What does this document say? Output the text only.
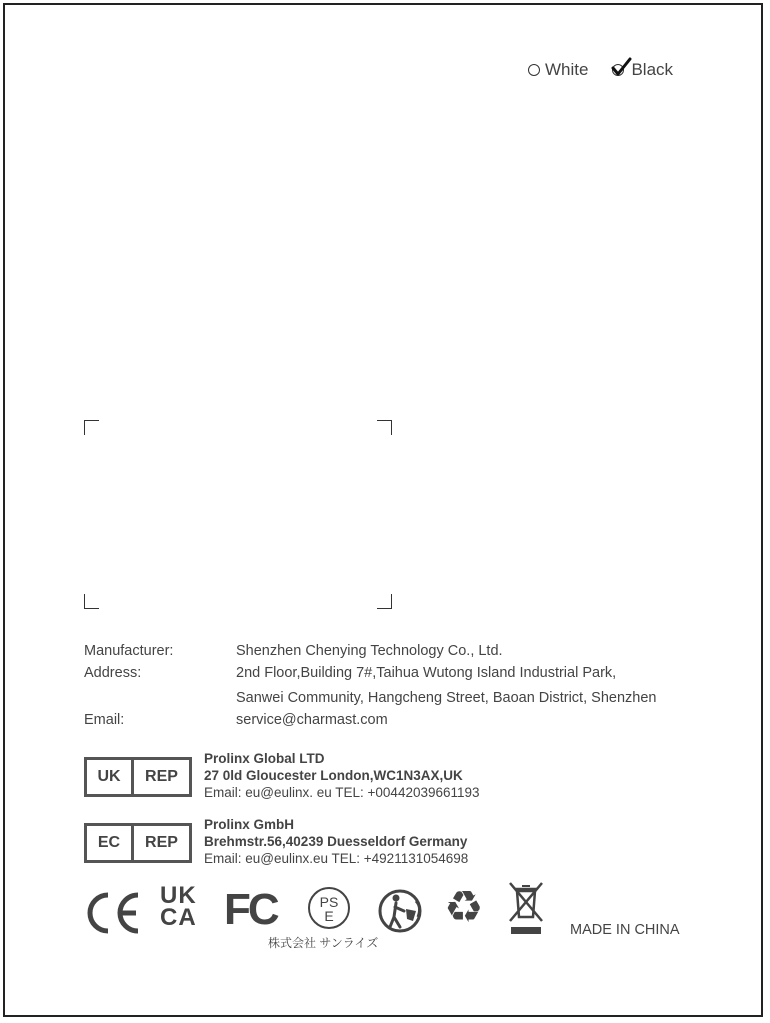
White	Black
Manufacturer:	Shenzhen Chenying Technology Co., Ltd.
Address:	2nd Floor,Building 7#,Taihua Wutong Island Industrial Park,
Sanwei Community, Hangcheng Street, Baoan District, Shenzhen
Email:	service@charmast.com
UK	REP
Prolinx Global LTD
27 0ld Gloucester London,WC1N3AX,UK
Email: eu@eulinx. eu TEL: +00442039661193
EC	REP
Prolinx GmbH
Brehmstr.56,40239 Duesseldorf Germany
Email: eu@eulinx.eu TEL: +4921131054698
UK
CA FC	PS
E	♻
株式会社 サンライズ
MADE IN CHINA
